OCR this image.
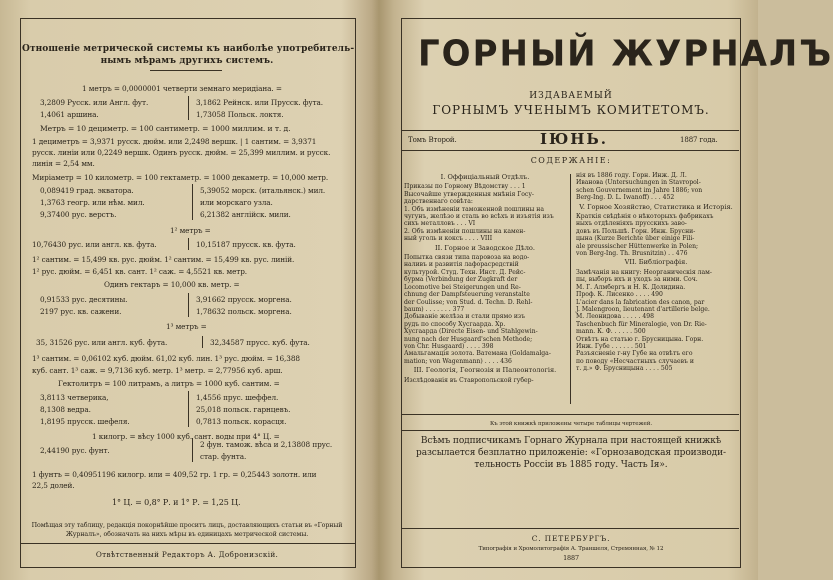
Отношеніе метрической системы къ наиболѣе употребитель-
нымъ мѣрамъ другихъ системъ.
1 метръ = 0,0000001 четверти земнаго меридіана. =
3,2809 Русск. или Англ. фут.	3,1862 Рейнск. или Прусск. фута.
1,4061 аршина.	1,73058 Польск. локтя.
Метръ = 10 дециметр. = 100 сантиметр. = 1000 миллим. и т. д.
1 дециметръ = 3,9371 русск. дюйм. или 2,2498 вершк. | 1 сантим. = 3,9371
русск. линіи или 0,2249 вершк. Одинъ русск. дюйм. = 25,399 миллим. и русск.
линія = 2,54 мм.
Миріаметр = 10 километр. = 100 гектаметр. = 1000 декаметр. = 10,000 метр.
0,089419 град. экватора.	5,39052 морск. (итальянск.) мил.
1,3763 геогр. или нѣм. мил.	или морскаго узла.
9,37400 рус. верстъ.	6,21382 англійск. мили.
1² метръ =
10,76430 рус. или англ. кв. фута.	10,15187 прусск. кв. фута.
1² сантим. = 15,499 кв. рус. дюйм. 1² сантим. = 15,499 кв. рус. линій.
1² рус. дюйм. = 6,451 кв. сант. 1² саж. = 4,5521 кв. метр.
Одинъ гектаръ = 10,000 кв. метр. =
0,91533 рус. десятины.	3,91662 прусск. моргена.
2197 рус. кв. сажени.	1,78632 польск. моргена.
1³ метръ =
35, 31526 рус. или англ. куб. фута.	32,34587 прусс. куб. фута.
1³ сантим. = 0,06102 куб. дюйм. 61,02 куб. лин. 1³ рус. дюйм. = 16,388
куб. сант. 1³ саж. = 9,7136 куб. метр. 1³ метр. = 2,77956 куб. арш.
Гектолитръ = 100 литрамъ, а литръ = 1000 куб. сантим. =
3,8113 четверика,	1,4556 прус. шеффел.
8,1308 ведра.	25,018 польск. гарнцевъ.
1,8195 прусск. шефеля.	0,7813 польск. корасця.
1 килогр. = вѣсу 1000 куб. сант. воды при 4° Ц. =
2,44190 рус. фунт.
2 фун. тамож. вѣса и 2,13808 прус.
стар. фунта.
1 фунтъ = 0,40951196 килогр. или = 409,52 гр. 1 гр. = 0,25443 золотн. или
22,5 долей.
1° Ц. = 0,8° Р. и 1° Р. = 1,25 Ц.
Помѣщая эту таблицу, редакція покорнѣйше проситъ лицъ, доставляющихъ статьи въ «Горный
Журналъ», обозначать на нихъ мѣры въ единицахъ метрической системы.
Отвѣтственный Редакторъ А. Добронизскій.
ГОРНЫЙ ЖУРНАЛЪ
ИЗДАВАЕМЫЙ
ГОРНЫМЪ УЧЕНЫМЪ КОМИТЕТОМЪ.
Томъ Второй.	ІЮНЬ.	1887 года.
СОДЕРЖАНІЕ:
I. Оффиціальный Отдѣлъ.
Приказы по Горному Вѣдомству . . . 1
Высочайше утвержденныя мнѣнія Госу-
дарственнаго совѣта:
1. Объ измѣненіи таможенной пошлины на чугунъ, желѣзо и сталь во всѣхъ и изъятія изъ сихъ металловъ . . . VI
2. Объ измѣненіи пошлины на камен-
ный уголь и коксъ . . . . VIII
II. Горное и Заводское Дѣло.
Попытка связи типа паровоза на водо-
наливъ и развитія лафорасредствій
культурой. Студ. Техн. Инст. Д. Рейс-
бурма (Verbindung der Zugkraft der
Locomotive bei Steigerungen und Re-
chnung der Dampfsteuerung veranstalte
der Coulisse; von Stud. d. Techn. D. Rehl-
baum) . . . . . . . 377
Добываніе желѣза и стали прямо изъ
рудъ по способу Хусгаарда. Хр.
Хусгаарда (Directe Eisen- und Stahlgewin-
nung nach der Husgaard'schen Methode;
von Chr. Husgaard) . . . . 398
Амальгамація золота. Ватемана (Goldamalga-
mation; von Wagenmann) . . . . 436
III. Геологія, Геогнозія и Палеонтологія.
Изслѣдованія въ Ставропольской губер-
нія въ 1886 году. Горн. Инж. Д. Л.
Иванова (Untersuchungen in Stavropol-
schen Gouvernement im Jahre 1886; von
Berg-Ing. D. L. Iwanoff) . . . 452
V. Горное Хозяйство, Статистика и Исторія.
Краткія свѣдѣнія о нѣкоторыхъ фабрикахъ
ныхъ отдѣленіяхъ прусскихъ заво-
довъ въ Польшѣ. Горн. Инж. Брусни-
цына (Kurze Berichte über einige Fili-
ale preussischer Hüttenwerke in Polen;
von Berg-Ing. Th. Brusnitzin) . . 476
VII. Библіографія.
Замѣчанія на книгу: Неорганическія лам-
пы, выборъ ихъ и уходъ за ними. Соч.
М. Г. Алмбергъ и Н. К. Долидина.
Проф. К. Лисенко . . . . 490
L'acier dans la fabrication des canon, par
J. Malengroon, lieutenant d'artillerie belge.
М. Леонидова . . . . . 498
Taschenbuch für Mineralogie, von Dr. Rie-
mann. К. Ф. . . . . . 500
Отвѣтъ на статью г. Брусницына. Горн.
Инж. Губе . . . . . . 501
Разъясненіе г-ну Губе на отвѣтъ его
по поводу «Несчастныхъ случаевъ и
т. д.» Ф. Брусницына . . . . 505
Къ этой книжкѣ приложены четыре таблицы чертежей.
Всѣмъ подписчикамъ Горнаго Журнала при настоящей книжкѣ
разсылается безплатно приложеніе: «Горнозаводская производи-
тельность Россіи въ 1885 году. Часть Iя».
С. ПЕТЕРБУРГЪ.
Типографія и Хромолитографія А. Траншеля, Стремянная, № 12
1887
